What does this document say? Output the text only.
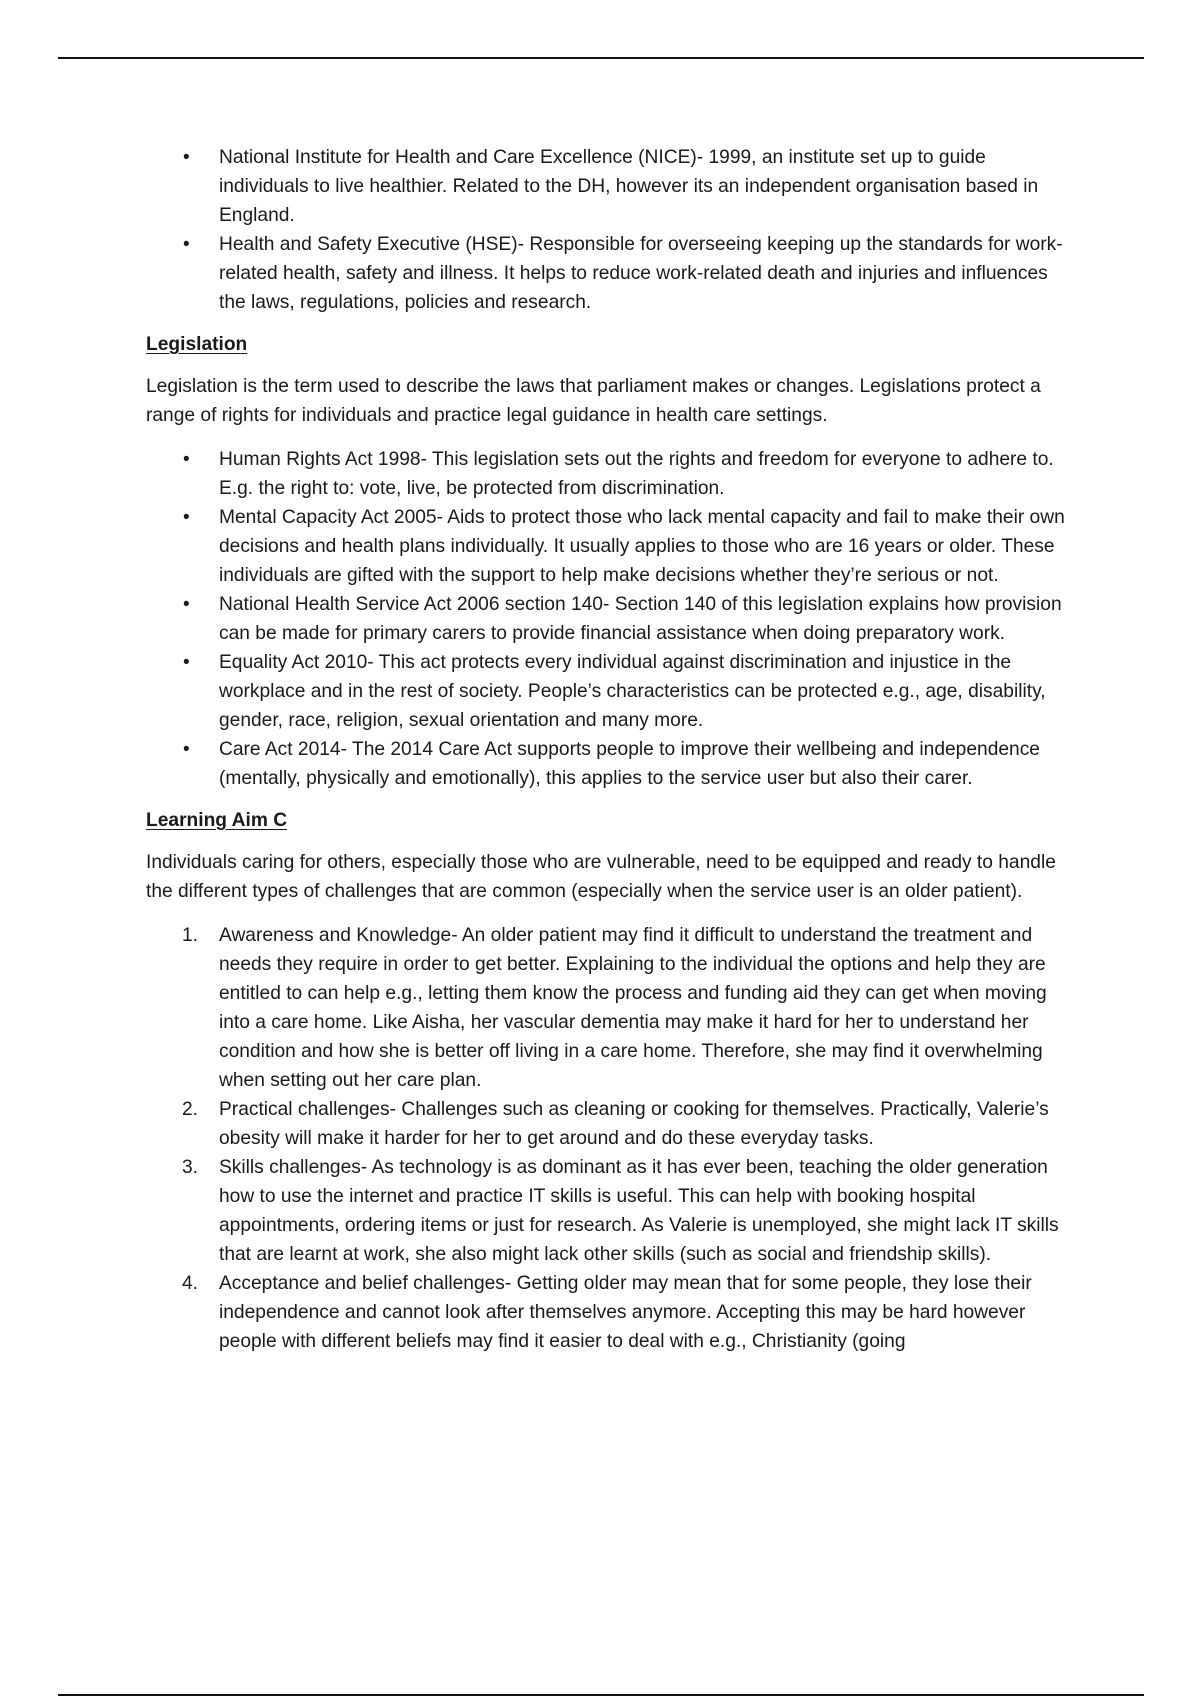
• National Institute for Health and Care Excellence (NICE)- 1999, an institute set up to guide individuals to live healthier. Related to the DH, however its an independent organisation based in England.
• Health and Safety Executive (HSE)- Responsible for overseeing keeping up the standards for work-related health, safety and illness. It helps to reduce work-related death and injuries and influences the laws, regulations, policies and research.
Legislation

Legislation is the term used to describe the laws that parliament makes or changes. Legislations protect a range of rights for individuals and practice legal guidance in health care settings.

• Human Rights Act 1998- This legislation sets out the rights and freedom for everyone to adhere to. E.g. the right to: vote, live, be protected from discrimination.
• Mental Capacity Act 2005- Aids to protect those who lack mental capacity and fail to make their own decisions and health plans individually. It usually applies to those who are 16 years or older. These individuals are gifted with the support to help make decisions whether they’re serious or not.
• National Health Service Act 2006 section 140- Section 140 of this legislation explains how provision can be made for primary carers to provide financial assistance when doing preparatory work.
• Equality Act 2010- This act protects every individual against discrimination and injustice in the workplace and in the rest of society. People’s characteristics can be protected e.g., age, disability, gender, race, religion, sexual orientation and many more.
• Care Act 2014- The 2014 Care Act supports people to improve their wellbeing and independence (mentally, physically and emotionally), this applies to the service user but also their carer.
Learning Aim C

Individuals caring for others, especially those who are vulnerable, need to be equipped and ready to handle the different types of challenges that are common (especially when the service user is an older patient).

1. Awareness and Knowledge- An older patient may find it difficult to understand the treatment and needs they require in order to get better. Explaining to the individual the options and help they are entitled to can help e.g., letting them know the process and funding aid they can get when moving into a care home. Like Aisha, her vascular dementia may make it hard for her to understand her condition and how she is better off living in a care home. Therefore, she may find it overwhelming when setting out her care plan.
2. Practical challenges- Challenges such as cleaning or cooking for themselves. Practically, Valerie’s obesity will make it harder for her to get around and do these everyday tasks.
3. Skills challenges- As technology is as dominant as it has ever been, teaching the older generation how to use the internet and practice IT skills is useful. This can help with booking hospital appointments, ordering items or just for research. As Valerie is unemployed, she might lack IT skills that are learnt at work, she also might lack other skills (such as social and friendship skills).
4. Acceptance and belief challenges- Getting older may mean that for some people, they lose their independence and cannot look after themselves anymore. Accepting this may be hard however people with different beliefs may find it easier to deal with e.g., Christianity (going
